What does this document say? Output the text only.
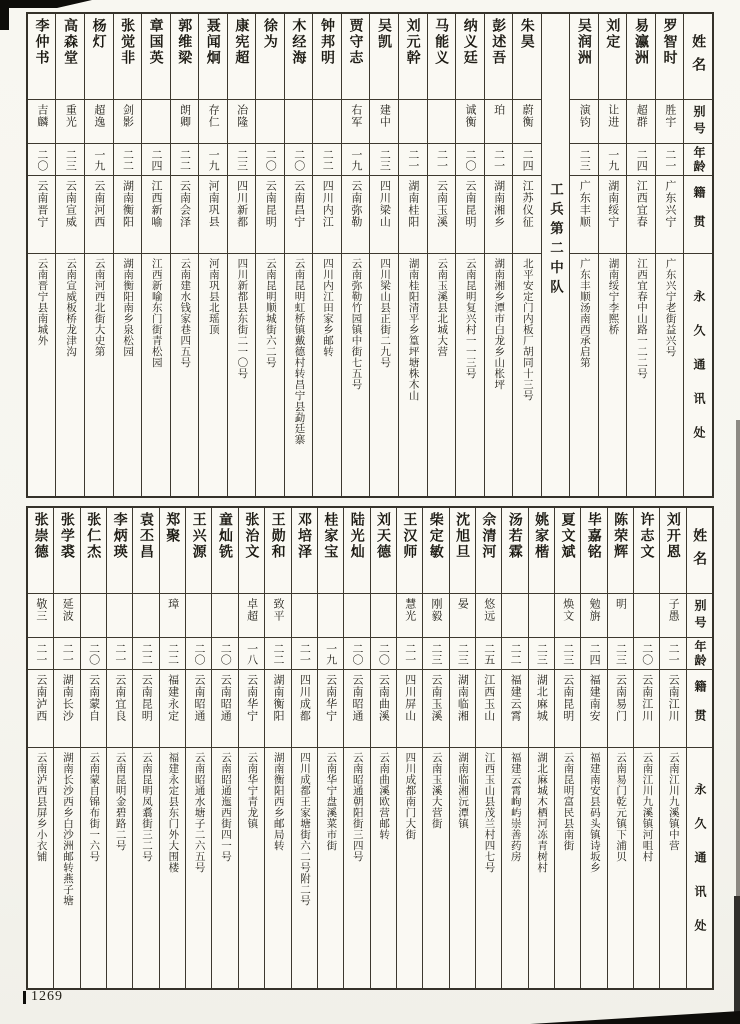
姓名
别号
年龄
籍贯
永久通讯处
罗智时
胜宇
二一
广东兴宁
广东兴宁老街益兴号
易瀛洲
超群
二四
江西宜春
江西宜春中山路一二二号
刘定
让进
一九
湖南绥宁
湖南绥宁李熙桥
吴润洲
演钧
二三
广东丰顺
广东丰顺汤南西承启第
工兵第二中队
朱昊
蔚衡
二四
江苏仪征
北平安定门内板厂胡同十三号
彭述吾
珀
二一
湖南湘乡
湖南湘乡潭市白龙乡山枨坪
纳义廷
诚衡
二〇
云南昆明
云南昆明复兴村一一三号
马能义
二一
云南玉溪
云南玉溪县北城大营
刘元幹
二一
湖南桂阳
湖南桂阳清平乡篁坪塘株木山
吴凯
建中
二三
四川梁山
四川梁山县正街二九号
贾守志
右军
一九
云南弥勒
云南弥勒竹园镇中街七五号
钟邦明
二二
四川内江
四川内江田家乡邮转
木经海
二〇
云南昌宁
云南昆明虹桥镇戴德村转昌宁县勐廷寨
徐为
二〇
云南昆明
云南昆明顺城街六二号
康宪超
冶隆
二三
四川新都
四川新都县东街二一〇号
聂闻炯
存仁
一九
河南巩县
河南巩县北瑶顶
郭维梁
朗卿
二二
云南会泽
云南建水钱家巷四五号
章国英
二四
江西新喻
江西新喻东门街青松园
张觉非
剑影
二二
湖南衡阳
湖南衡阳南乡泉松园
杨灯
超逸
一九
云南河西
云南河西北街大史第
高森堂
重光
二三
云南宣威
云南宣威板桥龙津沟
李仲书
吉麟
二〇
云南晋宁
云南晋宁县南城外
姓名
别号
年龄
籍贯
永久通讯处
刘开恩
子愚
二一
云南江川
云南江川九溪镇中营
许志文
二〇
云南江川
云南江川九溪镇河咀村
陈荣辉
明
二三
云南易门
云南易门乾元镇下浦贝
毕嘉铭
勉旃
二四
福建南安
福建南安县码头镇诗坂乡
夏文斌
焕文
二三
云南昆明
云南昆明富民县南街
姚家楷
二三
湖北麻城
湖北麻城木栖河冻青树村
汤若霖
二二
福建云霄
福建云霄岣屿崇善药房
佘清河
悠远
二五
江西玉山
江西玉山县茂兰村四七号
沈旭旦
晏
二三
湖南临湘
湖南临湘沅潭镇
柴定敏
刚毅
二三
云南玉溪
云南玉溪大营街
王汉师
慧光
二一
四川屏山
四川成都南门大街
刘天德
二〇
云南曲溪
云南曲溪欧营邮转
陆光灿
二〇
云南昭通
云南昭通朝阳街三四号
桂家宝
一九
云南华宁
云南华宁盘溪菜市街
邓培泽
二一
四川成都
四川成都王家塘街六二号附二号
王勋和
致平
二二
湖南衡阳
湖南衡阳西乡邮局转
张治文
卓超
一八
云南华宁
云南华宁青龙镇
童灿铣
二〇
云南昭通
云南昭通迤西街四一号
王兴源
二〇
云南昭通
云南昭通水塘子二六五号
郑聚
璋
二二
福建永定
福建永定县东门外大围楼
袁丕昌
二二
云南昆明
云南昆明凤翥街三二号
李炳瑛
二一
云南宜良
云南昆明金碧路二号
张仁杰
二〇
云南蒙自
云南蒙自锦布街一六号
张学裘
延波
二一
湖南长沙
湖南长沙西乡白沙洲邮转燕子塘
张崇德
敬三
二一
云南泸西
云南泸西县屏乡小衣铺
1269
